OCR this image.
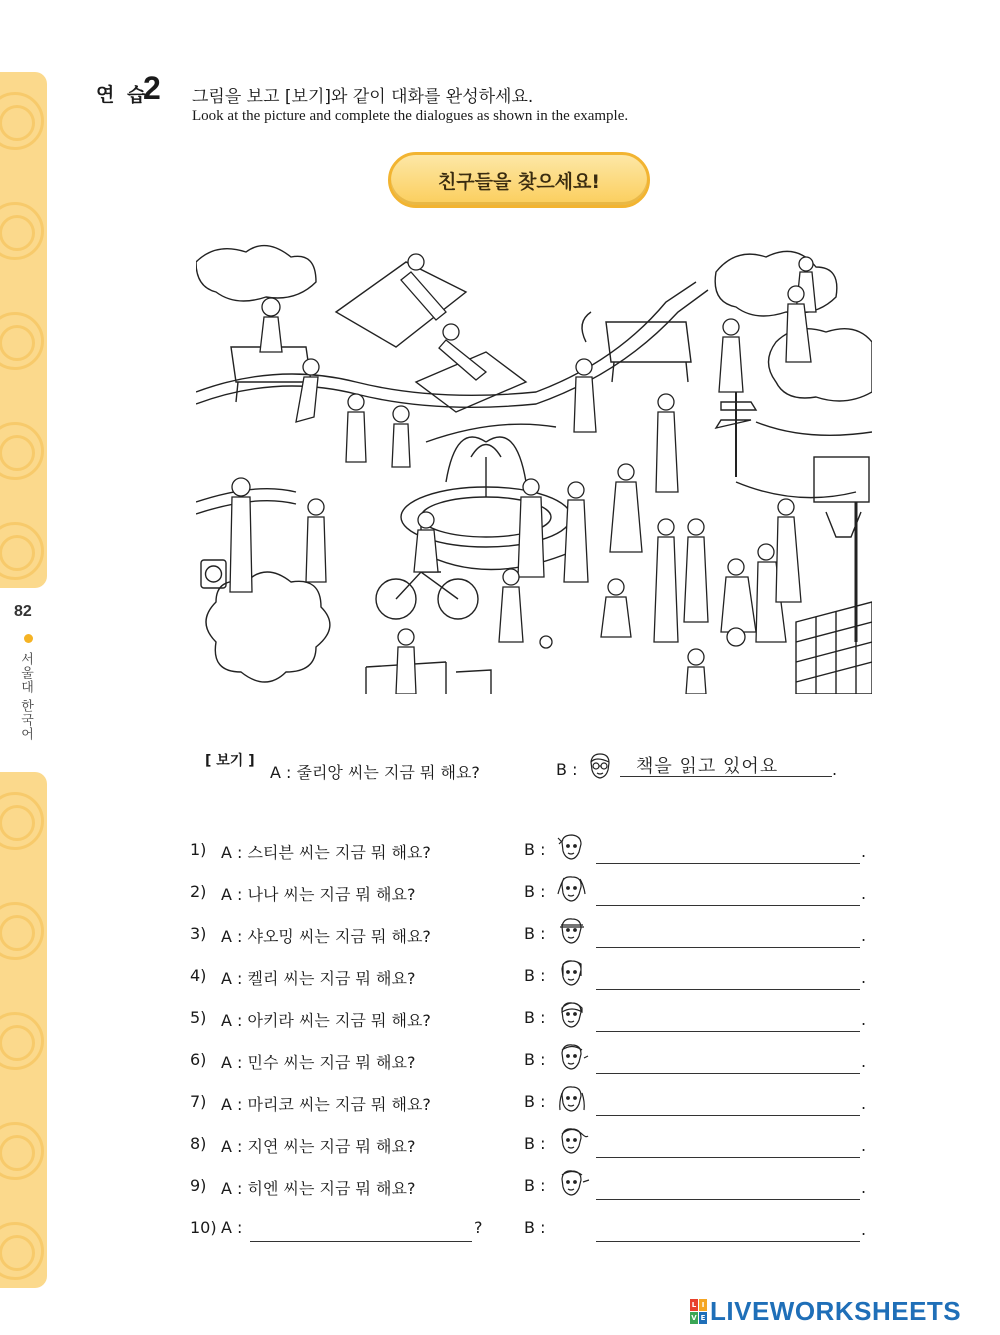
82
서울대 한국어
연 습
2 그림을 보고 [보기]와 같이 대화를 완성하세요.
Look at the picture and complete the dialogues as shown in the example.
친구들을 찾으세요!
[ 보기 ]
A : 줄리앙 씨는 지금 뭐 해요?	B :	책을 읽고 있어요	.
1) A : 스티븐 씨는 지금 뭐 해요?	B :	.
2) A : 나나 씨는 지금 뭐 해요?	B :	.
3) A : 샤오밍 씨는 지금 뭐 해요?	B :	.
4) A : 켈리 씨는 지금 뭐 해요?	B :	.
5) A : 아키라 씨는 지금 뭐 해요?	B :	.
6) A : 민수 씨는 지금 뭐 해요?	B :	.
7) A : 마리코 씨는 지금 뭐 해요?	B :	.
8) A : 지연 씨는 지금 뭐 해요?	B :	.
9) A : 히엔 씨는 지금 뭐 해요?	B :	.
10) A :	?	B :	.
L I
V E LIVEWORKSHEETS
